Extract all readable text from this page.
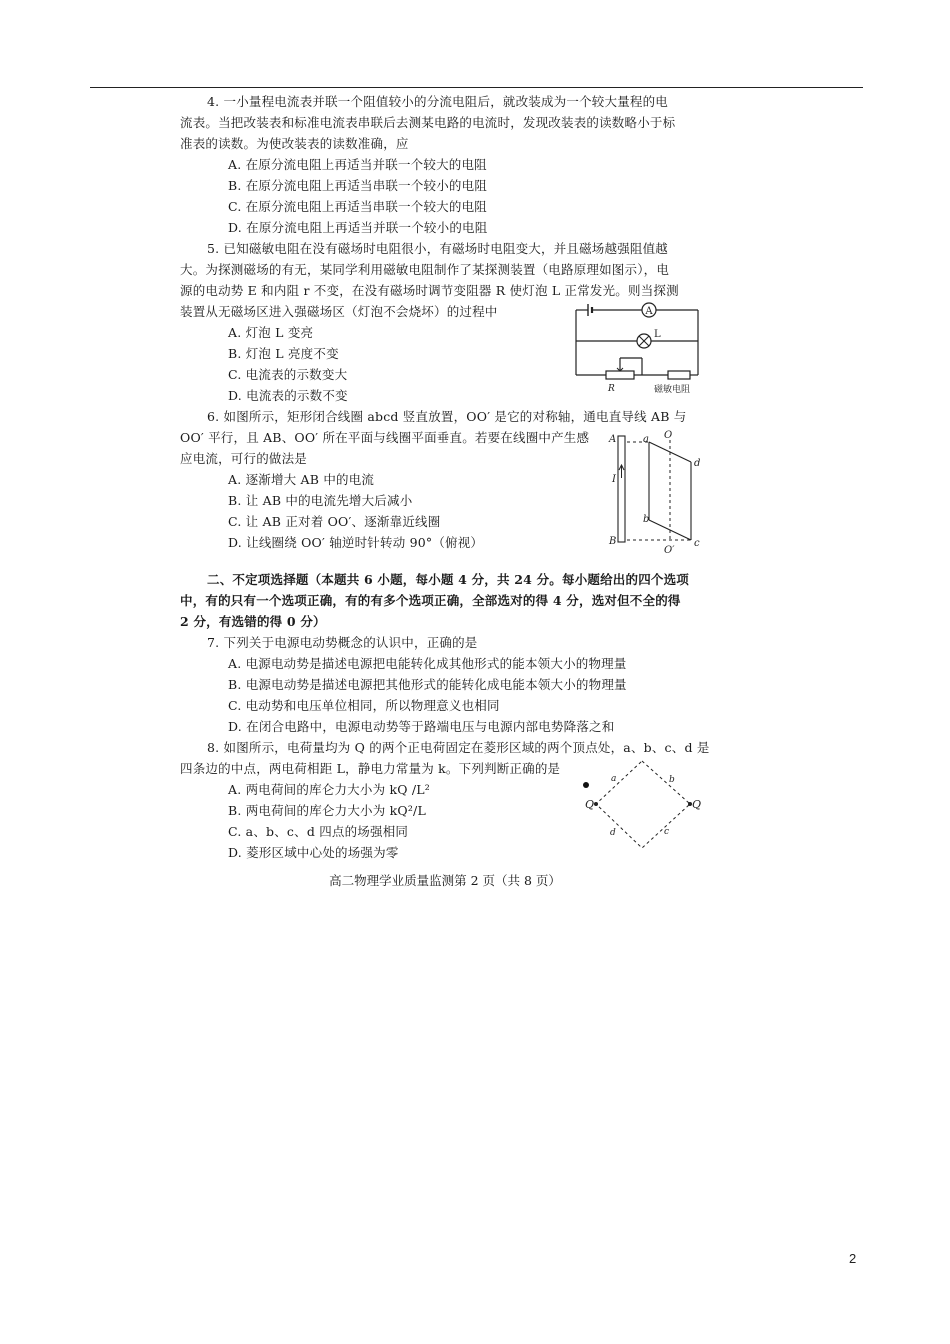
4. 一小量程电流表并联一个阻值较小的分流电阻后，就改装成为一个较大量程的电
流表。当把改装表和标准电流表串联后去测某电路的电流时，发现改装表的读数略小于标
准表的读数。为使改装表的读数准确，应
A. 在原分流电阻上再适当并联一个较大的电阻
B. 在原分流电阻上再适当串联一个较小的电阻
C. 在原分流电阻上再适当串联一个较大的电阻
D. 在原分流电阻上再适当并联一个较小的电阻
5. 已知磁敏电阻在没有磁场时电阻很小，有磁场时电阻变大，并且磁场越强阻值越
大。为探测磁场的有无，某同学利用磁敏电阻制作了某探测装置（电路原理如图示），电
源的电动势 E 和内阻 r 不变，在没有磁场时调节变阻器 R 使灯泡 L 正常发光。则当探测
装置从无磁场区进入强磁场区（灯泡不会烧坏）的过程中
A. 灯泡 L 变亮
B. 灯泡 L 亮度不变
C. 电流表的示数变大
D. 电流表的示数不变
6. 如图所示，矩形闭合线圈 abcd 竖直放置，OO′ 是它的对称轴，通电直导线 AB 与
OO′ 平行，且 AB、OO′ 所在平面与线圈平面垂直。若要在线圈中产生感
应电流，可行的做法是
A. 逐渐增大 AB 中的电流
B. 让 AB 中的电流先增大后减小
C. 让 AB 正对着 OO′、逐渐靠近线圈
D. 让线圈绕 OO′ 轴逆时针转动 90°（俯视）
二、不定项选择题（本题共 6 小题，每小题 4 分，共 24 分。每小题给出的四个选项
中，有的只有一个选项正确，有的有多个选项正确，全部选对的得 4 分，选对但不全的得
2 分，有选错的得 0 分）
7. 下列关于电源电动势概念的认识中，正确的是
A. 电源电动势是描述电源把电能转化成其他形式的能本领大小的物理量
B. 电源电动势是描述电源把其他形式的能转化成电能本领大小的物理量
C. 电动势和电压单位相同，所以物理意义也相同
D. 在闭合电路中，电源电动势等于路端电压与电源内部电势降落之和
8. 如图所示，电荷量均为 Q 的两个正电荷固定在菱形区域的两个顶点处，a、b、c、d 是
四条边的中点，两电荷相距 L，静电力常量为 k。下列判断正确的是
A. 两电荷间的库仑力大小为 kQ /L²
B. 两电荷间的库仑力大小为 kQ²/L
C. a、b、c、d 四点的场强相同
D. 菱形区域中心处的场强为零
高二物理学业质量监测第 2 页（共 8 页）
A
L
R	磁敏电阻
A
B
I
a
b
c
d
O
O′
Q	Q
a	b
c
d
2
